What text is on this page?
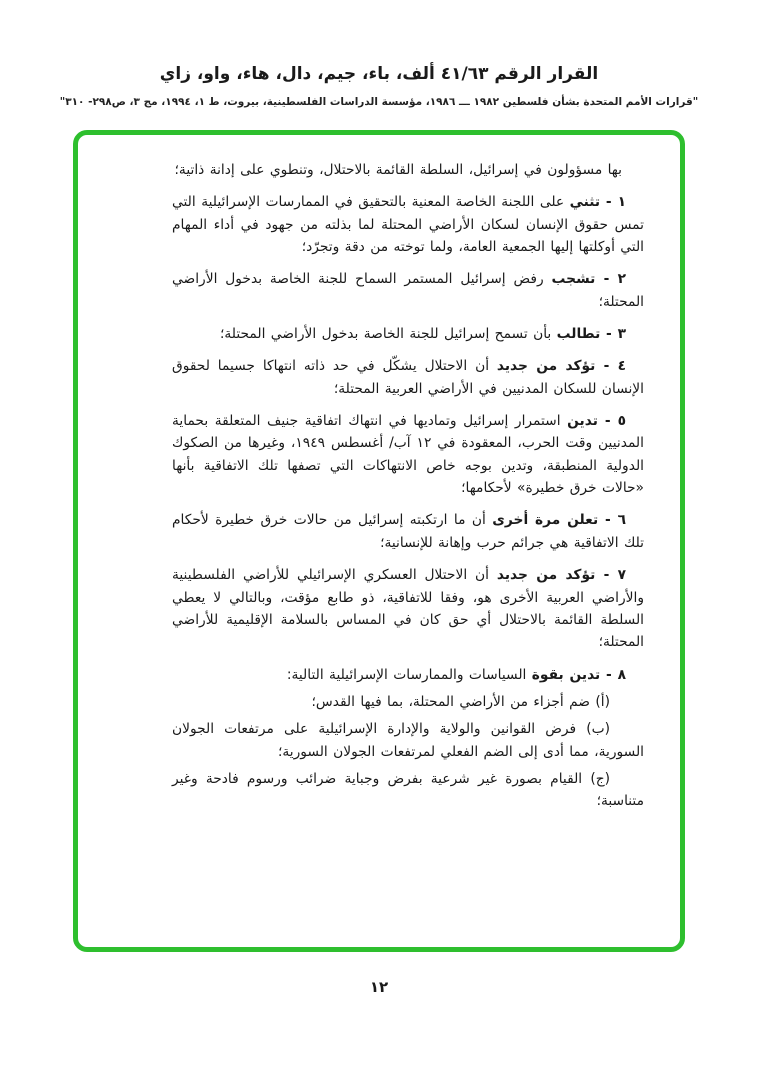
القرار الرقم ٤١/٦٣ ألف، باء، جيم، دال، هاء، واو، زاي
"قرارات الأمم المتحدة بشأن فلسطين ١٩٨٢ ـــ ١٩٨٦، مؤسسة الدراسات الفلسطينية، بيروت، ط ١، ١٩٩٤، مج ٣، ص٢٩٨- ٣١٠"

بها مسؤولون في إسرائيل، السلطة القائمة بالاحتلال، وتنطوي على إدانة ذاتية؛

١ - تثني على اللجنة الخاصة المعنية بالتحقيق في الممارسات الإسرائيلية التي تمس حقوق الإنسان لسكان الأراضي المحتلة لما بذلته من جهود في أداء المهام التي أوكلتها إليها الجمعية العامة، ولما توخته من دقة وتجرّد؛

٢ - تشجب رفض إسرائيل المستمر السماح للجنة الخاصة بدخول الأراضي المحتلة؛

٣ - تطالب بأن تسمح إسرائيل للجنة الخاصة بدخول الأراضي المحتلة؛

٤ - تؤكد من جديد أن الاحتلال يشكّل في حد ذاته انتهاكا جسيما لحقوق الإنسان للسكان المدنيين في الأراضي العربية المحتلة؛

٥ - تدين استمرار إسرائيل وتماديها في انتهاك اتفاقية جنيف المتعلقة بحماية المدنيين وقت الحرب، المعقودة في ١٢ آب/ أغسطس ١٩٤٩، وغيرها من الصكوك الدولية المنطبقة، وتدين بوجه خاص الانتهاكات التي تصفها تلك الاتفاقية بأنها «حالات خرق خطيرة» لأحكامها؛

٦ - تعلن مرة أخرى أن ما ارتكبته إسرائيل من حالات خرق خطيرة لأحكام تلك الاتفاقية هي جرائم حرب وإهانة للإنسانية؛

٧ - تؤكد من جديد أن الاحتلال العسكري الإسرائيلي للأراضي الفلسطينية والأراضي العربية الأخرى هو، وفقا للاتفاقية، ذو طابع مؤقت، وبالتالي لا يعطي السلطة القائمة بالاحتلال أي حق كان في المساس بالسلامة الإقليمية للأراضي المحتلة؛

٨ - تدين بقوة السياسات والممارسات الإسرائيلية التالية:

(أ) ضم أجزاء من الأراضي المحتلة، بما فيها القدس؛

(ب) فرض القوانين والولاية والإدارة الإسرائيلية على مرتفعات الجولان السورية، مما أدى إلى الضم الفعلي لمرتفعات الجولان السورية؛

(ج) القيام بصورة غير شرعية بفرض وجباية ضرائب ورسوم فادحة وغير متناسبة؛

١٢
